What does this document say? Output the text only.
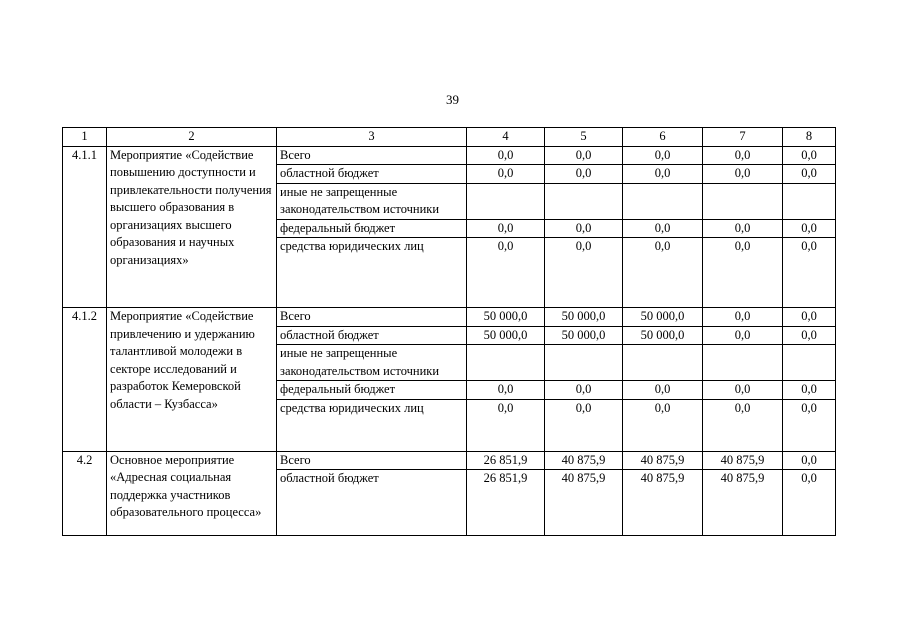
39
1	2	3	4	5	6	7	8
4.1.1	Мероприятие «Содействие повышению доступности и привлекательности получения высшего образования в организациях высшего образования и научных организациях»	Всего	0,0	0,0	0,0	0,0	0,0
		областной бюджет	0,0	0,0	0,0	0,0	0,0
		иные не запрещенные законодательством источники					
		федеральный бюджет	0,0	0,0	0,0	0,0	0,0
		средства юридических лиц	0,0	0,0	0,0	0,0	0,0
4.1.2	Мероприятие «Содействие привлечению и удержанию талантливой молодежи в секторе исследований и разработок Кемеровской области – Кузбасса»	Всего	50 000,0	50 000,0	50 000,0	0,0	0,0
		областной бюджет	50 000,0	50 000,0	50 000,0	0,0	0,0
		иные не запрещенные законодательством источники					
		федеральный бюджет	0,0	0,0	0,0	0,0	0,0
		средства юридических лиц	0,0	0,0	0,0	0,0	0,0
4.2	Основное мероприятие «Адресная социальная поддержка участников образовательного процесса»	Всего	26 851,9	40 875,9	40 875,9	40 875,9	0,0
		областной бюджет	26 851,9	40 875,9	40 875,9	40 875,9	0,0
